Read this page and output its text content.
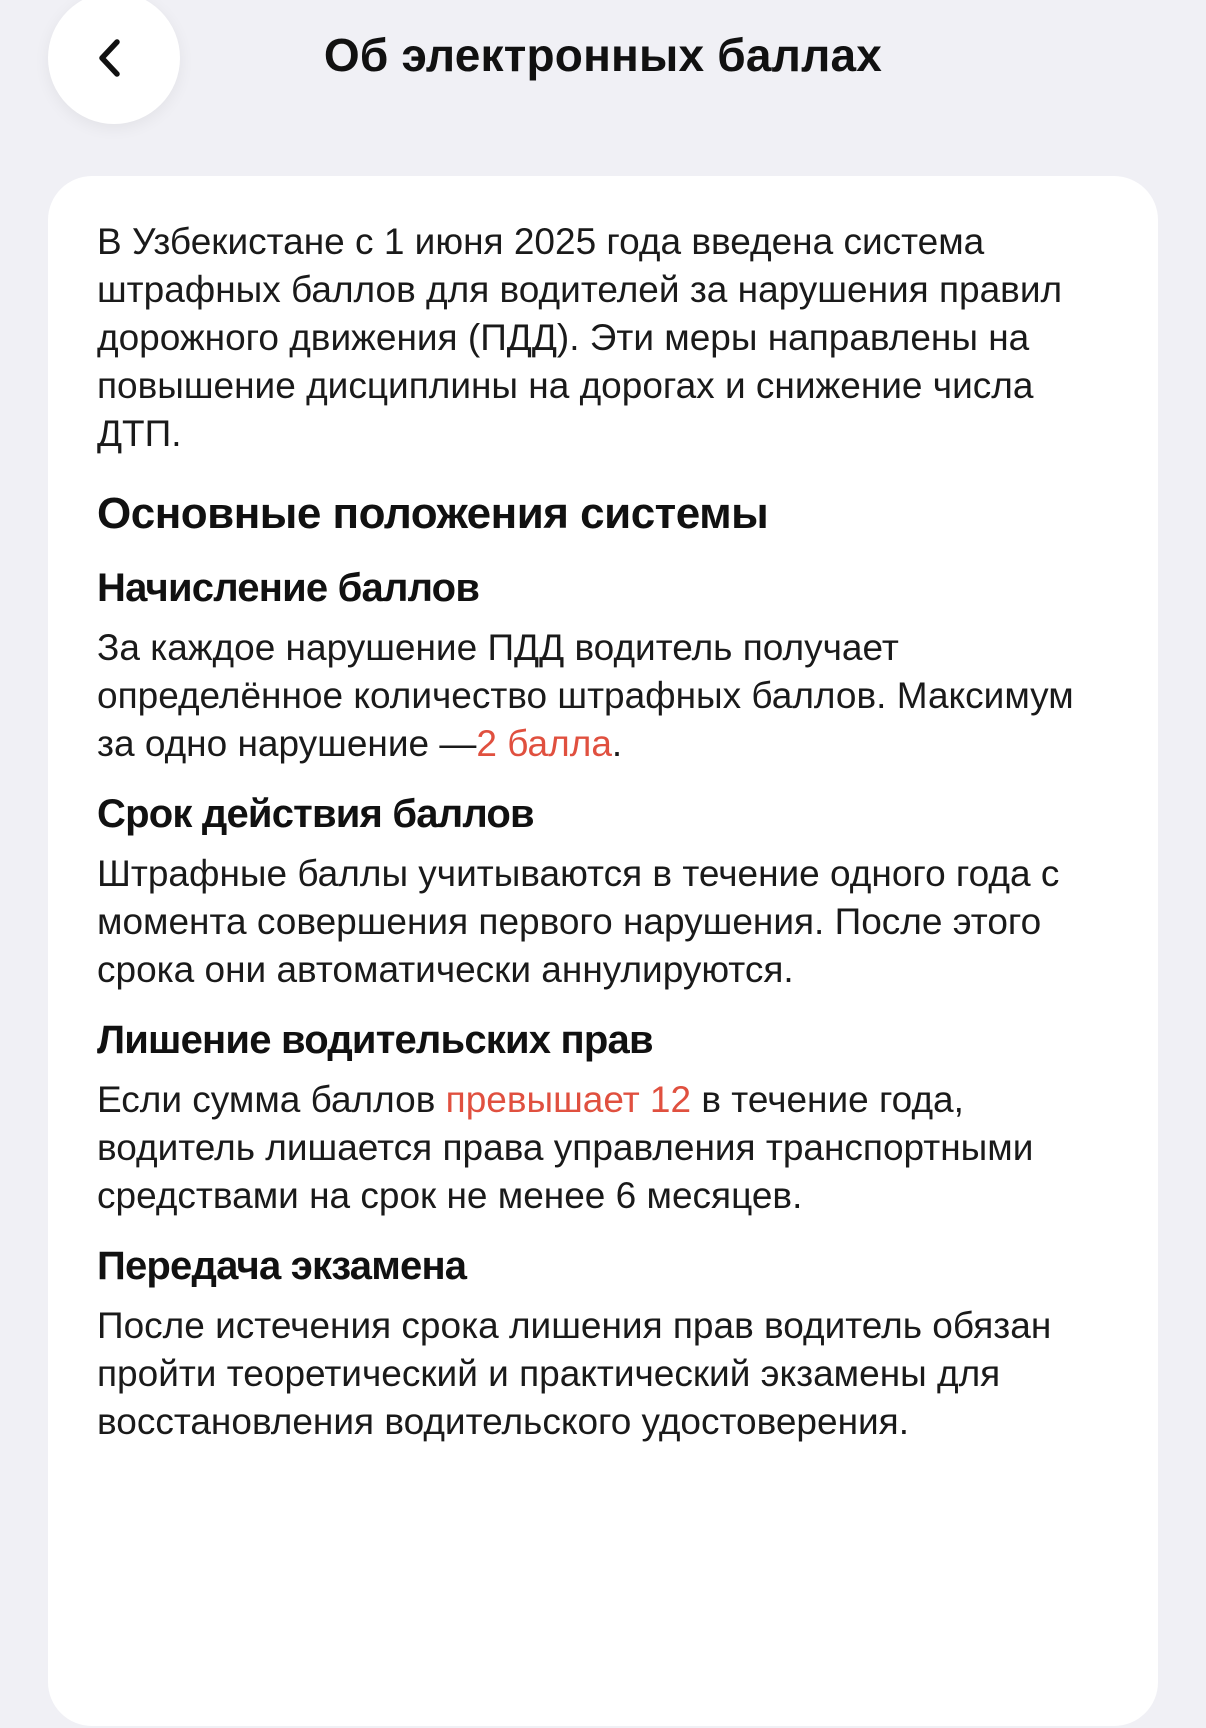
Об электронных баллах

В Узбекистане с 1 июня 2025 года введена система штрафных баллов для водителей за нарушения правил дорожного движения (ПДД). Эти меры направлены на повышение дисциплины на дорогах и снижение числа ДТП.

Основные положения системы
Начисление баллов

За каждое нарушение ПДД водитель получает определённое количество штрафных баллов. Максимум за одно нарушение —2 балла.

Срок действия баллов

Штрафные баллы учитываются в течение одного года с момента совершения первого нарушения. После этого срока они автоматически аннулируются.

Лишение водительских прав

Если сумма баллов превышает 12 в течение года, водитель лишается права управления транспортными средствами на срок не менее 6 месяцев.

Передача экзамена

После истечения срока лишения прав водитель обязан пройти теоретический и практический экзамены для восстановления водительского удостоверения.
